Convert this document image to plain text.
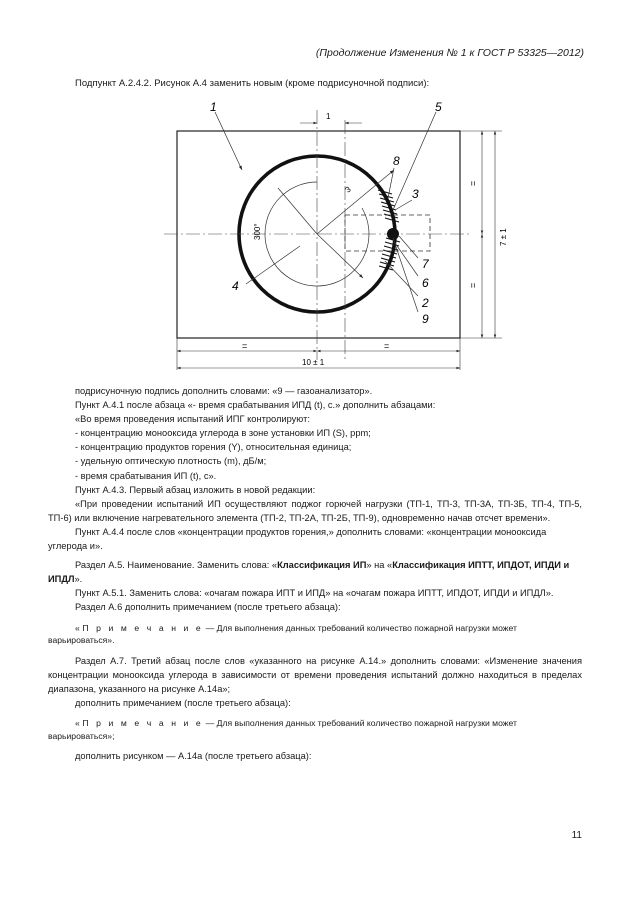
(Продолжение Изменения № 1 к ГОСТ Р 53325—2012)
Подпункт А.2.4.2. Рисунок А.4 заменить новым (кроме подрисуночной подписи):
1	5
8
3
4
7
6
2
9
1
3
300°
=	=
10 ± 1
=
=
7 ± 1

подрисуночную подпись дополнить словами: «9 — газоанализатор».

Пункт А.4.1 после абзаца «- время срабатывания ИПД (t), с.» дополнить абзацами:

«Во время проведения испытаний ИПГ контролируют:

- концентрацию монооксида углерода в зоне установки ИП (S), ppm;

- концентрацию продуктов горения (Y), относительная единица;

- удельную оптическую плотность (m), дБ/м;

- время срабатывания ИП (t), с».

Пункт А.4.3. Первый абзац изложить в новой редакции:

«При проведении испытаний ИП осуществляют поджог горючей нагрузки (ТП-1, ТП-3, ТП-3А, ТП-3Б, ТП-4, ТП-5, ТП-6) или включение нагревательного элемента (ТП-2, ТП-2А, ТП-2Б, ТП-9), одновременно начав отсчет времени».

Пункт А.4.4 после слов «концентрации продуктов горения,» дополнить словами: «концентрации монооксида углерода и».

Раздел А.5. Наименование. Заменить слова: «Классификация ИП» на «Классификация ИПТТ, ИПДОТ, ИПДИ и ИПДЛ».

Пункт А.5.1. Заменить слова: «очагам пожара ИПТ и ИПД» на «очагам пожара ИПТТ, ИПДОТ, ИПДИ и ИПДЛ».

Раздел А.6 дополнить примечанием (после третьего абзаца):

«П р и м е ч а н и е — Для выполнения данных требований количество пожарной нагрузки может варьироваться».

Раздел А.7. Третий абзац после слов «указанного на рисунке А.14.» дополнить словами: «Изменение значения концентрации монооксида углерода в зависимости от времени проведения испытаний должно находиться в пределах диапазона, указанного на рисунке А.14а»;

дополнить примечанием (после третьего абзаца):

«П р и м е ч а н и е — Для выполнения данных требований количество пожарной нагрузки может варьироваться»;

дополнить рисунком — А.14а (после третьего абзаца):

11
